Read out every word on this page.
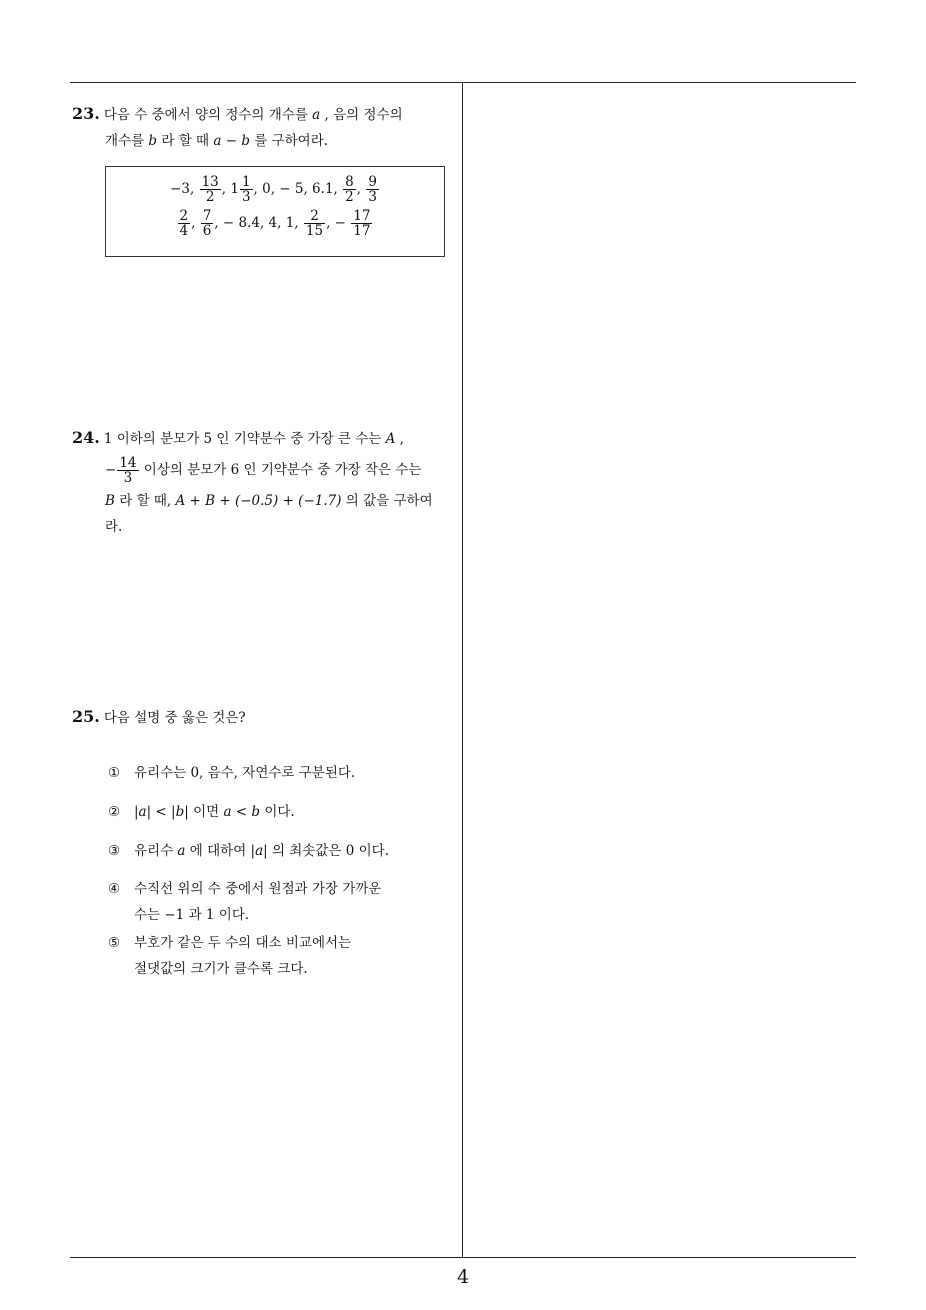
23. 다음 수 중에서 양의 정수의 개수를 a , 음의 정수의
개수를 b 라 할 때 a − b 를 구하여라.
−3, $\frac{13}{2}$ , $1 \frac{1}{3}$ , 0, − 5, 6.1, $\frac{8}{2}$ , $\frac{9}{3}$
$\frac{2}{4}$ , $\frac{7}{6}$ , − 8.4, 4, 1, $\frac{2}{15}$ , − $\frac{17}{17}$
24. 1 이하의 분모가 5 인 기약분수 중 가장 큰 수는 A ,
− $\frac{14}{3}$ 이상의 분모가 6 인 기약분수 중 가장 작은 수는
B 라 할 때, A + B + (−0.5) + (−1.7) 의 값을 구하여
라.
25. 다음 설명 중 옳은 것은?
① 유리수는 0, 음수, 자연수로 구분된다.
② |a| < |b| 이면 a < b 이다.
③ 유리수 a 에 대하여 |a| 의 최솟값은 0 이다.
④ 수직선 위의 수 중에서 원점과 가장 가까운
수는 −1 과 1 이다.
⑤ 부호가 같은 두 수의 대소 비교에서는
절댓값의 크기가 클수록 크다.
4
